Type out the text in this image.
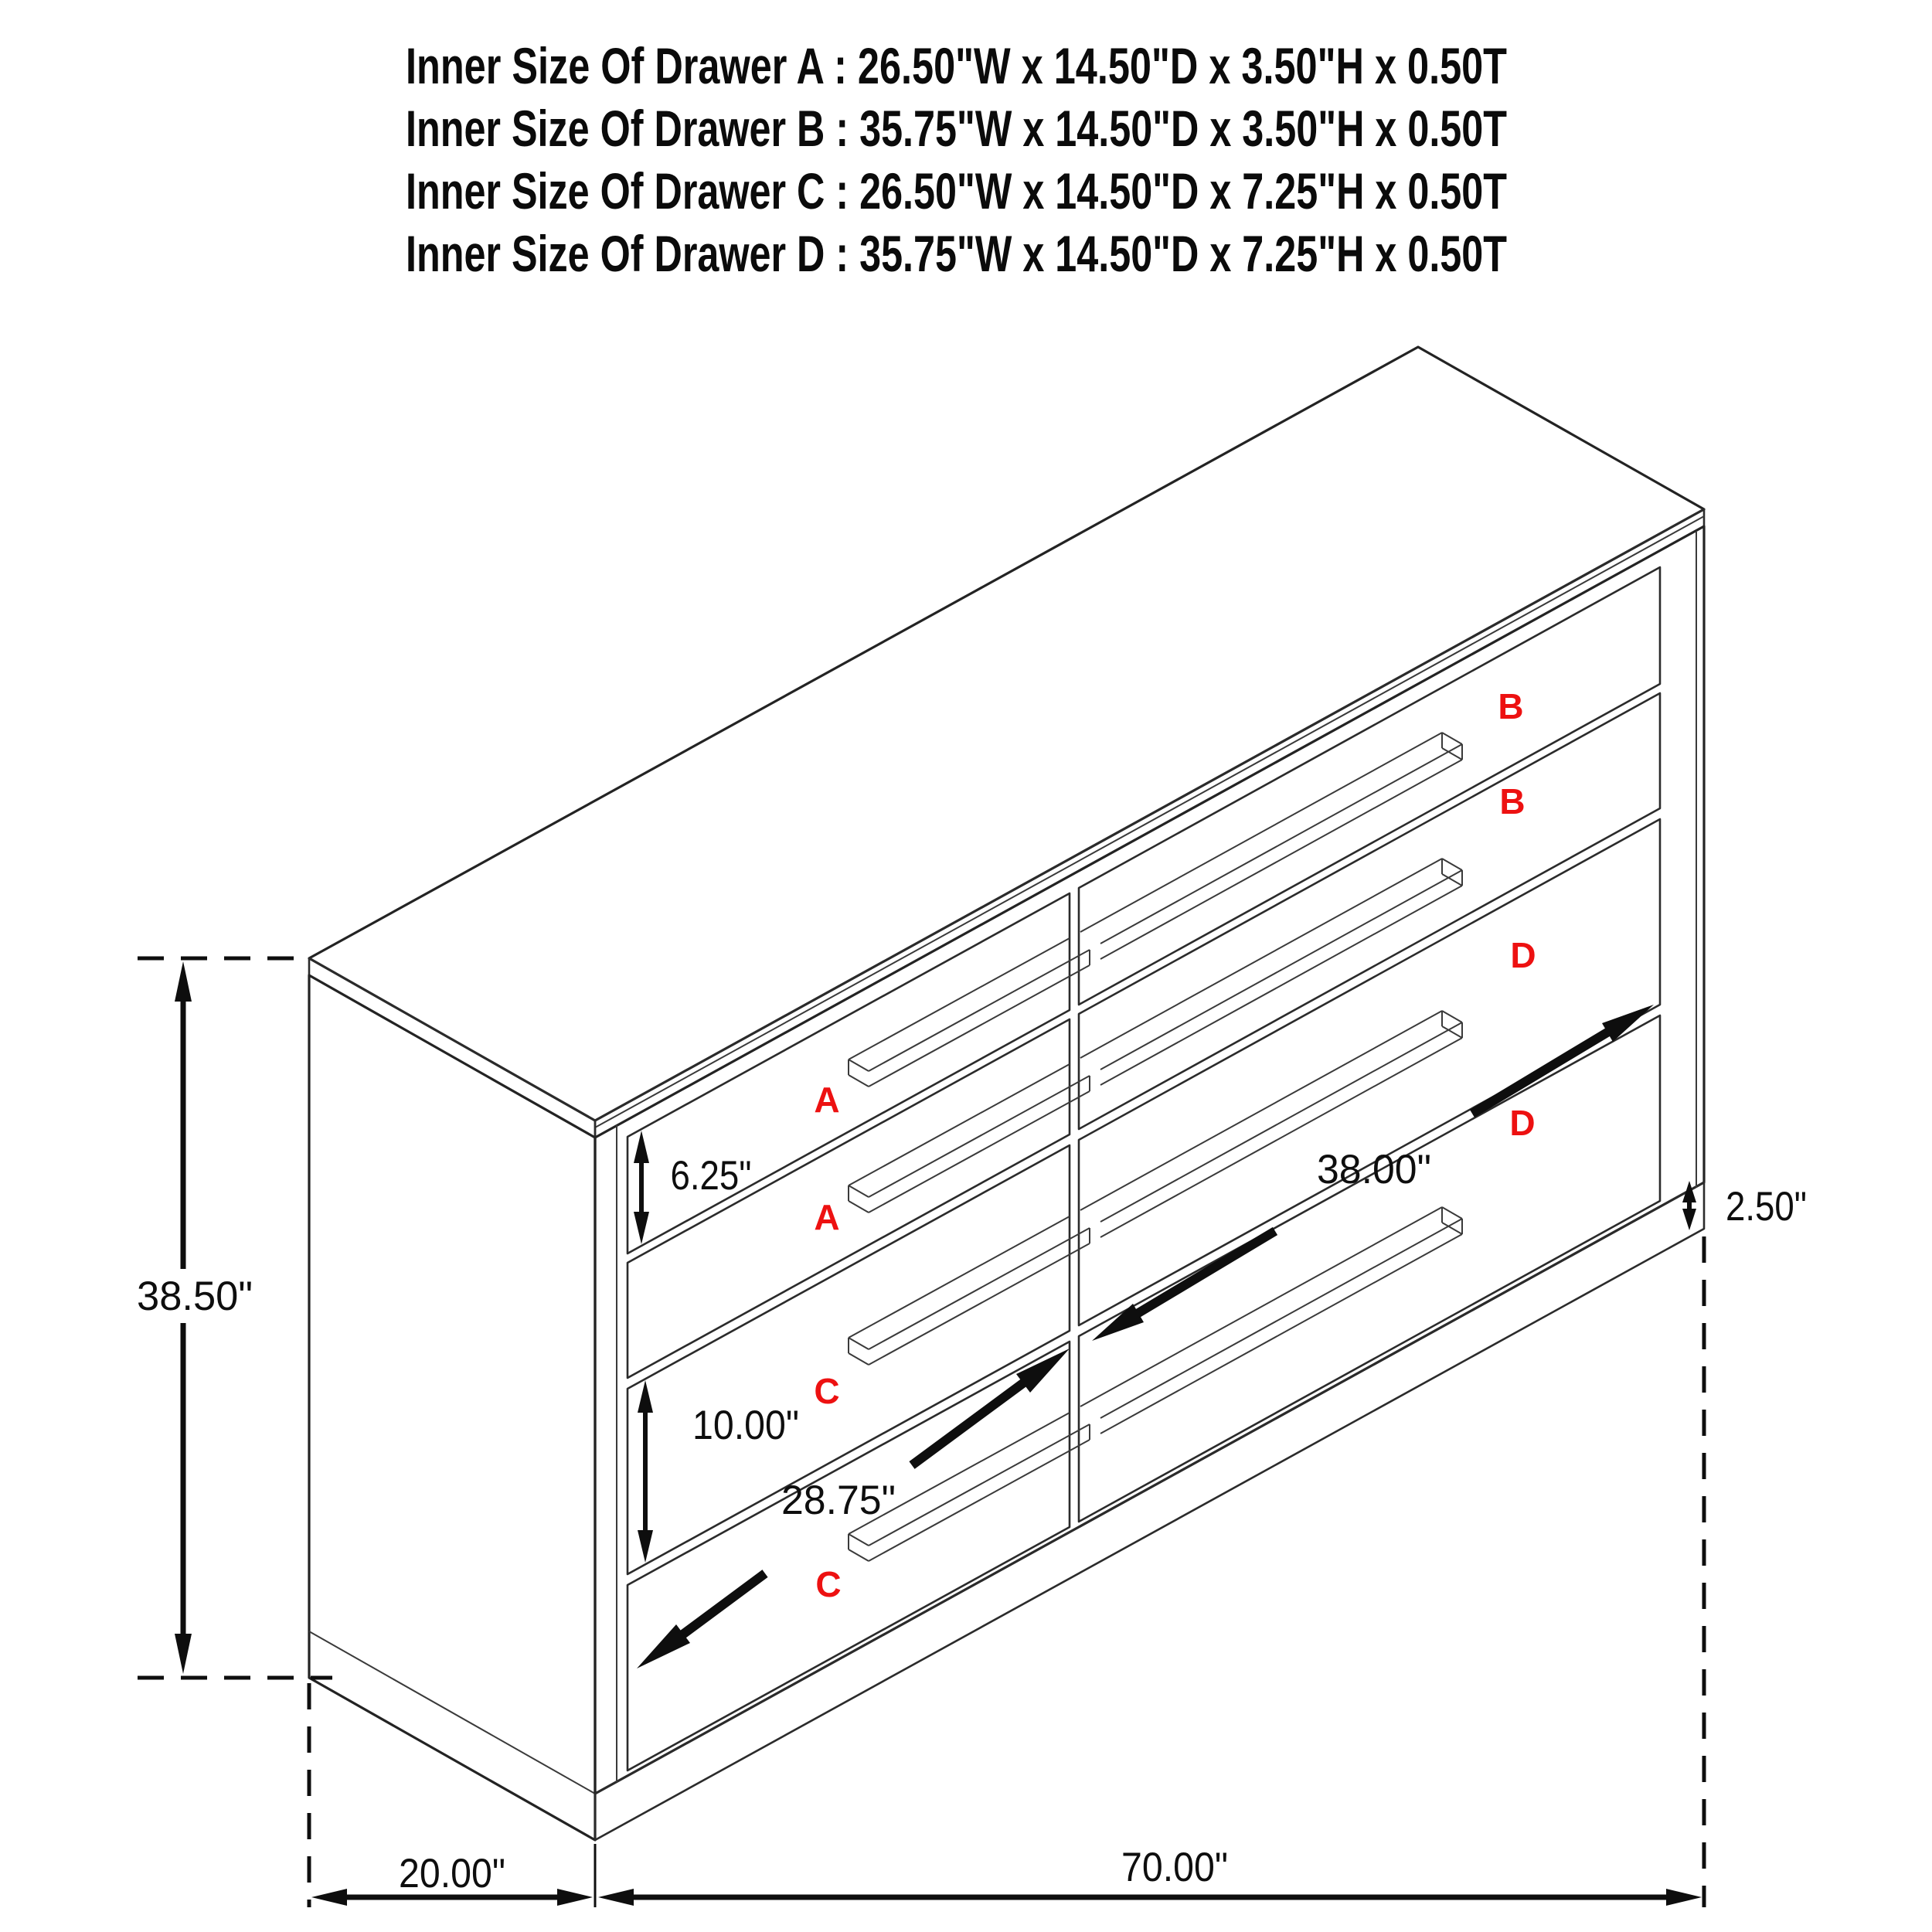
Inner Size Of Drawer A : 26.50"W x 14.50"D x 3.50"H x 0.50T
Inner Size Of Drawer B : 35.75"W x 14.50"D x 3.50"H x 0.50T
Inner Size Of Drawer C : 26.50"W x 14.50"D x 7.25"H x 0.50T
Inner Size Of Drawer D : 35.75"W x 14.50"D x 7.25"H x 0.50T
A
A
B
B
C
C
D
D
38.50"
20.00"	70.00"
2.50"
6.25"
10.00"
28.75"
38.00"
